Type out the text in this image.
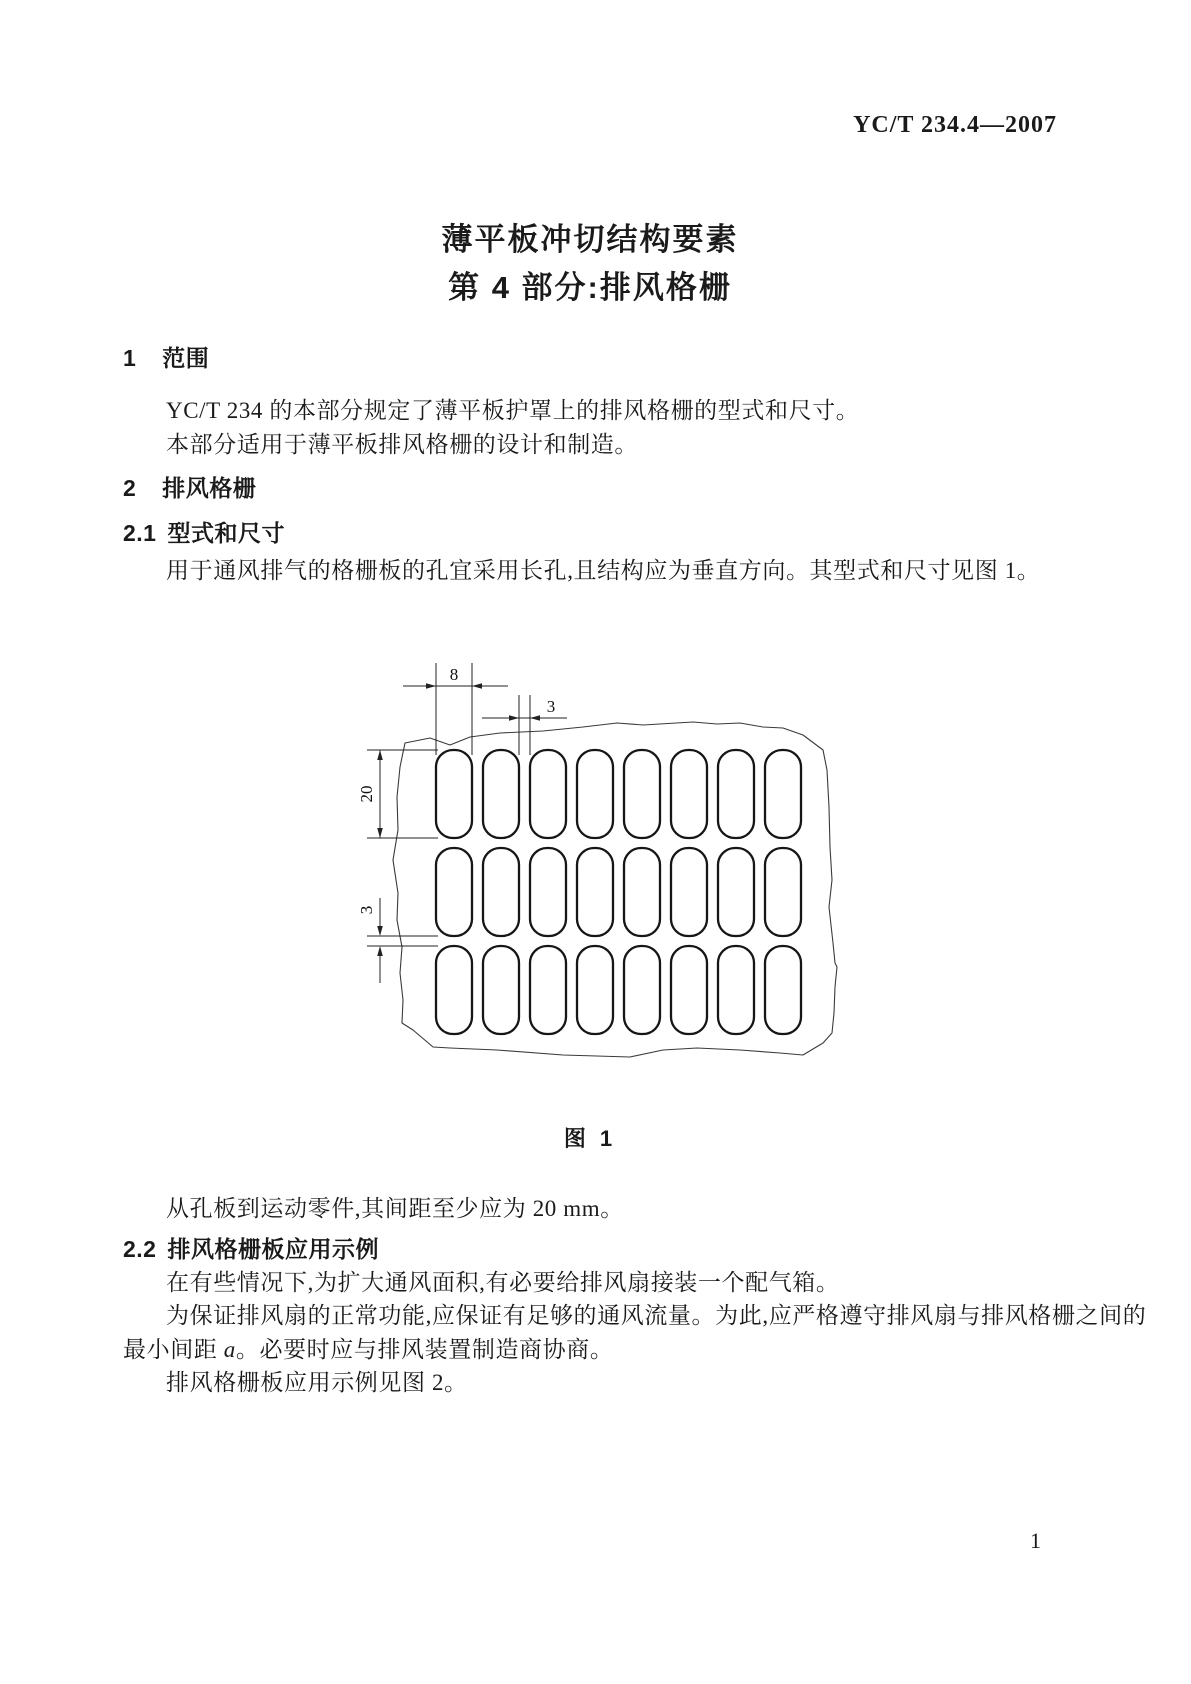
YC/T 234.4—2007
薄平板冲切结构要素
第 4 部分:排风格栅
1 范围
YC/T 234 的本部分规定了薄平板护罩上的排风格栅的型式和尺寸。
本部分适用于薄平板排风格栅的设计和制造。
2 排风格栅
2.1 型式和尺寸
用于通风排气的格栅板的孔宜采用长孔,且结构应为垂直方向。其型式和尺寸见图 1。
8
3
20
3
图 1
从孔板到运动零件,其间距至少应为 20 mm。
2.2 排风格栅板应用示例
在有些情况下,为扩大通风面积,有必要给排风扇接装一个配气箱。
为保证排风扇的正常功能,应保证有足够的通风流量。为此,应严格遵守排风扇与排风格栅之间的
最小间距 a。必要时应与排风装置制造商协商。
排风格栅板应用示例见图 2。
1
